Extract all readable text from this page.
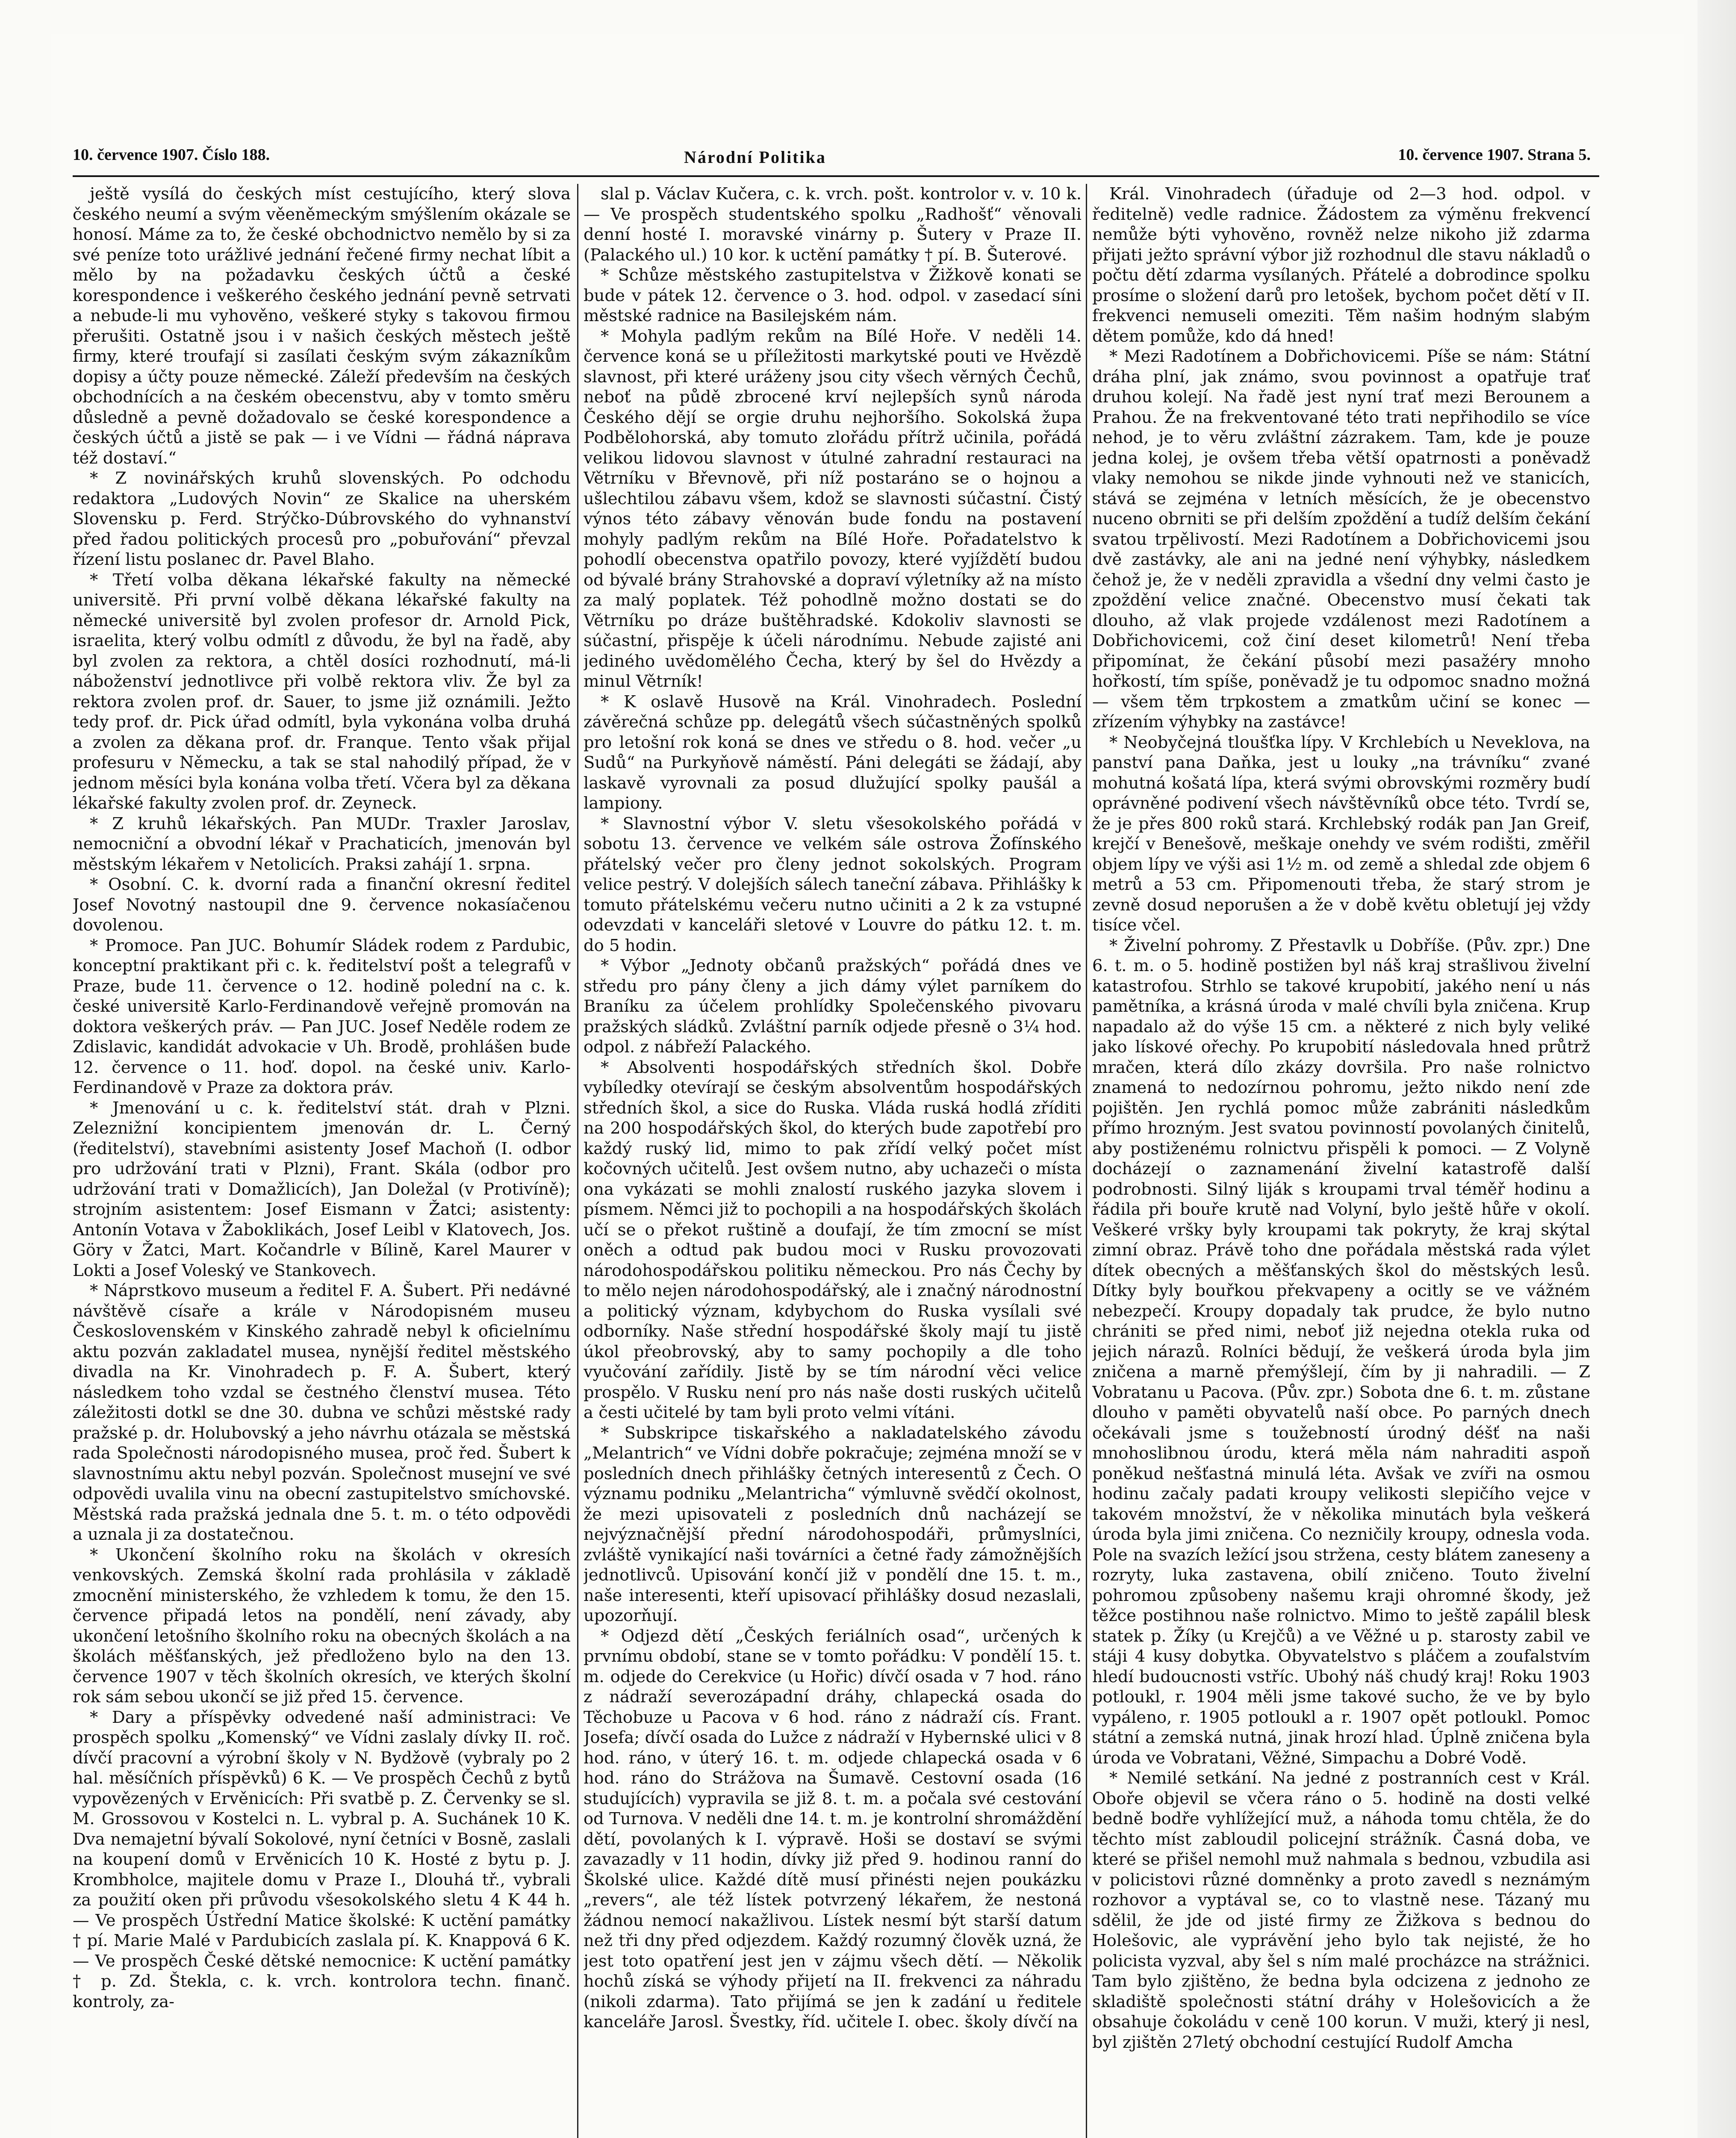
10. července 1907. Číslo 188.	Národní Politika	10. července 1907. Strana 5.

ještě vysílá do českých míst cestujícího, který slova českého neumí a svým věeněmeckým smýšlením okázale se honosí. Máme za to, že české obchodnictvo nemělo by si za své peníze toto urážlivé jednání řečené firmy nechat líbit a mělo by na požadavku českých účtů a české korespondence i veškerého českého jednání pevně setrvati a nebude-li mu vyhověno, veškeré styky s takovou firmou přerušiti. Ostatně jsou i v našich českých městech ještě firmy, které troufají si zasílati českým svým zákazníkům dopisy a účty pouze německé. Záleží především na českých obchodnících a na českém obecenstvu, aby v tomto směru důsledně a pevně dožadovalo se české korespondence a českých účtů a jistě se pak — i ve Vídni — řádná náprava též dostaví.“

* Z novinářských kruhů slovenských. Po odchodu redaktora „Ludových Novin“ ze Skalice na uherském Slovensku p. Ferd. Strýčko-Dúbrovského do vyhnanství před řadou politických procesů pro „pobuřování“ převzal řízení listu poslanec dr. Pavel Blaho.

* Třetí volba děkana lékařské fakulty na německé universitě. Při první volbě děkana lékařské fakulty na německé universitě byl zvolen profesor dr. Arnold Pick, israelita, který volbu odmítl z důvodu, že byl na řadě, aby byl zvolen za rektora, a chtěl dosíci rozhodnutí, má-li náboženství jednotlivce při volbě rektora vliv. Že byl za rektora zvolen prof. dr. Sauer, to jsme již oznámili. Ježto tedy prof. dr. Pick úřad odmítl, byla vykonána volba druhá a zvolen za děkana prof. dr. Franque. Tento však přijal profesuru v Německu, a tak se stal nahodilý případ, že v jednom měsíci byla konána volba třetí. Včera byl za děkana lékařské fakulty zvolen prof. dr. Zeyneck.

* Z kruhů lékařských. Pan MUDr. Traxler Jaroslav, nemocniční a obvodní lékař v Prachaticích, jmenován byl městským lékařem v Netolicích. Praksi zahájí 1. srpna.

* Osobní. C. k. dvorní rada a finanční okresní ředitel Josef Novotný nastoupil dne 9. července nokasíačenou dovolenou.

* Promoce. Pan JUC. Bohumír Sládek rodem z Pardubic, konceptní praktikant při c. k. ředitelství pošt a telegrafů v Praze, bude 11. července o 12. hodině polední na c. k. české universitě Karlo-Ferdinandově veřejně promován na doktora veškerých práv. — Pan JUC. Josef Neděle rodem ze Zdislavic, kandidát advokacie v Uh. Brodě, prohlášen bude 12. července o 11. hoď. dopol. na české univ. Karlo-Ferdinandově v Praze za doktora práv.

* Jmenování u c. k. ředitelství stát. drah v Plzni. Zeleznižní koncipientem jmenován dr. L. Černý (ředitelství), stavebními asistenty Josef Machoň (I. odbor pro udržování trati v Plzni), Frant. Skála (odbor pro udržování trati v Domažlicích), Jan Doležal (v Protivíně); strojním asistentem: Josef Eismann v Žatci; asistenty: Antonín Votava v Žaboklikách, Josef Leibl v Klatovech, Jos. Göry v Žatci, Mart. Kočandrle v Bílině, Karel Maurer v Lokti a Josef Voleský ve Stankovech.

* Náprstkovo museum a ředitel F. A. Šubert. Při nedávné návštěvě císaře a krále v Národopisném museu Československém v Kinského zahradě nebyl k oficielnímu aktu pozván zakladatel musea, nynější ředitel městského divadla na Kr. Vinohradech p. F. A. Šubert, který následkem toho vzdal se čestného členství musea. Této záležitosti dotkl se dne 30. dubna ve schůzi městské rady pražské p. dr. Holubovský a jeho návrhu otázala se městská rada Společnosti národopisného musea, proč řed. Šubert k slavnostnímu aktu nebyl pozván. Společnost musejní ve své odpovědi uvalila vinu na obecní zastupitelstvo smíchovské. Městská rada pražská jednala dne 5. t. m. o této odpovědi a uznala ji za dostatečnou.

* Ukončení školního roku na školách v okresích venkovských. Zemská školní rada prohlásila v základě zmocnění ministerského, že vzhledem k tomu, že den 15. července připadá letos na pondělí, není závady, aby ukončení letošního školního roku na obecných školách a na školách měšťanských, jež předloženo bylo na den 13. července 1907 v těch školních okresích, ve kterých školní rok sám sebou ukončí se již před 15. července.

* Dary a příspěvky odvedené naší administraci: Ve prospěch spolku „Komenský“ ve Vídni zaslaly dívky II. roč. dívčí pracovní a výrobní školy v N. Bydžově (vybraly po 2 hal. měsíčních příspěvků) 6 K. — Ve prospěch Čechů z bytů vypovězených v Ervěnicích: Při svatbě p. Z. Červenky se sl. M. Grossovou v Kostelci n. L. vybral p. A. Suchánek 10 K. Dva nemajetní bývalí Sokolové, nyní četníci v Bosně, zaslali na koupení domů v Ervěnicích 10 K. Hosté z bytu p. J. Krombholce, majitele domu v Praze I., Dlouhá tř., vybrali za použití oken při průvodu všesokolského sletu 4 K 44 h. — Ve prospěch Ústřední Matice školské: K uctění památky † pí. Marie Malé v Pardubicích zaslala pí. K. Knappová 6 K. — Ve prospěch České dětské nemocnice: K uctění památky † p. Zd. Štekla, c. k. vrch. kontrolora techn. finanč. kontroly, za-

slal p. Václav Kučera, c. k. vrch. pošt. kontrolor v. v. 10 k. — Ve prospěch studentského spolku „Radhošť“ věnovali denní hosté I. moravské vinárny p. Šutery v Praze II. (Palackého ul.) 10 kor. k uctění památky † pí. B. Šuterové.

* Schůze městského zastupitelstva v Žižkově konati se bude v pátek 12. července o 3. hod. odpol. v zasedací síni městské radnice na Basilejském nám.

* Mohyla padlým rekům na Bílé Hoře. V neděli 14. července koná se u příležitosti markytské pouti ve Hvězdě slavnost, při které uráženy jsou city všech věrných Čechů, neboť na půdě zbrocené krví nejlepších synů národa Českého dějí se orgie druhu nejhoršího. Sokolská župa Podbělohorská, aby tomuto zlořádu přítrž učinila, pořádá velikou lidovou slavnost v útulné zahradní restauraci na Větrníku v Břevnově, při níž postaráno se o hojnou a ušlechtilou zábavu všem, kdož se slavnosti súčastní. Čistý výnos této zábavy věnován bude fondu na postavení mohyly padlým rekům na Bílé Hoře. Pořadatelstvo k pohodlí obecenstva opatřilo povozy, které vyjíždětí budou od bývalé brány Strahovské a dopraví výletníky až na místo za malý poplatek. Též pohodlně možno dostati se do Větrníku po dráze buštěhradské. Kdokoliv slavnosti se súčastní, přispěje k účeli národnímu. Nebude zajisté ani jediného uvědomělého Čecha, který by šel do Hvězdy a minul Větrník!

* K oslavě Husově na Král. Vinohradech. Poslední závěrečná schůze pp. delegátů všech súčastněných spolků pro letošní rok koná se dnes ve středu o 8. hod. večer „u Sudů“ na Purkyňově náměstí. Páni delegáti se žádají, aby laskavě vyrovnali za posud dlužující spolky paušál a lampiony.

* Slavnostní výbor V. sletu všesokolského pořádá v sobotu 13. července ve velkém sále ostrova Žofínského přátelský večer pro členy jednot sokolských. Program velice pestrý. V dolejších sálech taneční zábava. Přihlášky k tomuto přátelskému večeru nutno učiniti a 2 k za vstupné odevzdati v kanceláři sletové v Louvre do pátku 12. t. m. do 5 hodin.

* Výbor „Jednoty občanů pražských“ pořádá dnes ve středu pro pány členy a jich dámy výlet parníkem do Braníku za účelem prohlídky Společenského pivovaru pražských sládků. Zvláštní parník odjede přesně o 3¼ hod. odpol. z nábřeží Palackého.

* Absolventi hospodářských středních škol. Dobře vybíledky otevírají se českým absolventům hospodářských středních škol, a sice do Ruska. Vláda ruská hodlá zříditi na 200 hospodářských škol, do kterých bude zapotřebí pro každý ruský lid, mimo to pak zřídí velký počet míst kočovných učitelů. Jest ovšem nutno, aby uchazeči o místa ona vykázati se mohli znalostí ruského jazyka slovem i písmem. Němci již to pochopili a na hospodářských školách učí se o překot ruštině a doufají, že tím zmocní se míst oněch a odtud pak budou moci v Rusku provozovati národohospodářskou politiku německou. Pro nás Čechy by to mělo nejen národohospodářský, ale i značný národnostní a politický význam, kdybychom do Ruska vysílali své odborníky. Naše střední hospodářské školy mají tu jistě úkol přeobrovský, aby to samy pochopily a dle toho vyučování zařídily. Jistě by se tím národní věci velice prospělo. V Rusku není pro nás naše dosti ruských učitelů a česti učitelé by tam byli proto velmi vítáni.

* Subskripce tiskařského a nakladatelského závodu „Melantrich“ ve Vídni dobře pokračuje; zejména množí se v posledních dnech přihlášky četných interesentů z Čech. O významu podniku „Melantricha“ výmluvně svědčí okolnost, že mezi upisovateli z posledních dnů nacházejí se nejvýznačnější přední národohospodáři, průmyslníci, zvláště vynikající naši továrníci a četné řady zámožnějších jednotlivců. Upisování končí již v pondělí dne 15. t. m., naše interesenti, kteří upisovací přihlášky dosud nezaslali, upozorňují.

* Odjezd dětí „Českých feriálních osad“, určených k prvnímu období, stane se v tomto pořádku: V pondělí 15. t. m. odjede do Cerekvice (u Hořic) dívčí osada v 7 hod. ráno z nádraží severozápadní dráhy, chlapecká osada do Těchobuze u Pacova v 6 hod. ráno z nádraží cís. Frant. Josefa; dívčí osada do Lužce z nádraží v Hybernské ulici v 8 hod. ráno, v úterý 16. t. m. odjede chlapecká osada v 6 hod. ráno do Strážova na Šumavě. Cestovní osada (16 studujících) vypravila se již 8. t. m. a počala své cestování od Turnova. V neděli dne 14. t. m. je kontrolní shromáždění dětí, povolaných k I. výpravě. Hoši se dostaví se svými zavazadly v 11 hodin, dívky již před 9. hodinou ranní do Školské ulice. Každé dítě musí přinésti nejen poukázku „revers“, ale též lístek potvrzený lékařem, že nestoná žádnou nemocí nakažlivou. Lístek nesmí být starší datum než tři dny před odjezdem. Každý rozumný člověk uzná, že jest toto opatření jest jen v zájmu všech dětí. — Několik hochů získá se výhody přijetí na II. frekvenci za náhradu (nikoli zdarma). Tato přijímá se jen k zadání u ředitele kanceláře Jarosl. Švestky, říd. učitele I. obec. školy dívčí na

Král. Vinohradech (úřaduje od 2—3 hod. odpol. v ředitelně) vedle radnice. Žádostem za výměnu frekvencí nemůže býti vyhověno, rovněž nelze nikoho již zdarma přijati ježto správní výbor již rozhodnul dle stavu nákladů o počtu dětí zdarma vysílaných. Přátelé a dobrodince spolku prosíme o složení darů pro letošek, bychom počet dětí v II. frekvenci nemuseli omeziti. Těm našim hodným slabým dětem pomůže, kdo dá hned!

* Mezi Radotínem a Dobřichovicemi. Píše se nám: Státní dráha plní, jak známo, svou povinnost a opatřuje trať druhou kolejí. Na řadě jest nyní trať mezi Berounem a Prahou. Že na frekventované této trati nepřihodilo se více nehod, je to věru zvláštní zázrakem. Tam, kde je pouze jedna kolej, je ovšem třeba větší opatrnosti a poněvadž vlaky nemohou se nikde jinde vyhnouti než ve stanicích, stává se zejména v letních měsících, že je obecenstvo nuceno obrniti se při delším zpoždění a tudíž delším čekání svatou trpělivostí. Mezi Radotínem a Dobřichovicemi jsou dvě zastávky, ale ani na jedné není výhybky, následkem čehož je, že v neděli zpravidla a všední dny velmi často je zpoždění velice značné. Obecenstvo musí čekati tak dlouho, až vlak projede vzdálenost mezi Radotínem a Dobřichovicemi, což činí deset kilometrů! Není třeba připomínat, že čekání působí mezi pasažéry mnoho hořkostí, tím spíše, poněvadž je tu odpomoc snadno možná — všem těm trpkostem a zmatkům učiní se konec — zřízením výhybky na zastávce!

* Neobyčejná tloušťka lípy. V Krchlebích u Neveklova, na panství pana Daňka, jest u louky „na trávníku“ zvané mohutná košatá lípa, která svými obrovskými rozměry budí oprávněné podivení všech návštěvníků obce této. Tvrdí se, že je přes 800 roků stará. Krchlebský rodák pan Jan Greif, krejčí v Benešově, meškaje onehdy ve svém rodišti, změřil objem lípy ve výši asi 1½ m. od země a shledal zde objem 6 metrů a 53 cm. Připomenouti třeba, že starý strom je zevně dosud neporušen a že v době květu obletují jej vždy tisíce včel.

* Živelní pohromy. Z Přestavlk u Dobříše. (Pův. zpr.) Dne 6. t. m. o 5. hodině postižen byl náš kraj strašlivou živelní katastrofou. Strhlo se takové krupobití, jakého není u nás pamětníka, a krásná úroda v malé chvíli byla zničena. Krup napadalo až do výše 15 cm. a některé z nich byly veliké jako lískové ořechy. Po krupobití následovala hned průtrž mračen, která dílo zkázy dovršila. Pro naše rolnictvo znamená to nedozírnou pohromu, ježto nikdo není zde pojištěn. Jen rychlá pomoc může zabrániti následkům přímo hrozným. Jest svatou povinností povolaných činitelů, aby postiženému rolnictvu přispěli k pomoci. — Z Volyně docházejí o zaznamenání živelní katastrofě další podrobnosti. Silný liják s kroupami trval téměř hodinu a řádila při bouře krutě nad Volyní, bylo ještě hůře v okolí. Veškeré vršky byly kroupami tak pokryty, že kraj skýtal zimní obraz. Právě toho dne pořádala městská rada výlet dítek obecných a měšťanských škol do městských lesů. Dítky byly bouřkou překvapeny a ocitly se ve vážném nebezpečí. Kroupy dopadaly tak prudce, že bylo nutno chrániti se před nimi, neboť již nejedna otekla ruka od jejich nárazů. Rolníci bědují, že veškerá úroda byla jim zničena a marně přemýšlejí, čím by ji nahradili. — Z Vobratanu u Pacova. (Pův. zpr.) Sobota dne 6. t. m. zůstane dlouho v paměti obyvatelů naší obce. Po parných dnech očekávali jsme s toužebností úrodný déšť na naši mnohoslibnou úrodu, která měla nám nahraditi aspoň poněkud nešťastná minulá léta. Avšak ve zvíři na osmou hodinu začaly padati kroupy velikosti slepičího vejce v takovém množství, že v několika minutách byla veškerá úroda byla jimi zničena. Co nezničily kroupy, odnesla voda. Pole na svazích ležící jsou stržena, cesty blátem zaneseny a rozryty, luka zastavena, obilí zničeno. Touto živelní pohromou způsobeny našemu kraji ohromné škody, jež těžce postihnou naše rolnictvo. Mimo to ještě zapálil blesk statek p. Žíky (u Krejčů) a ve Věžné u p. starosty zabil ve stáji 4 kusy dobytka. Obyvatelstvo s pláčem a zoufalstvím hledí budoucnosti vstříc. Ubohý náš chudý kraj! Roku 1903 potloukl, r. 1904 měli jsme takové sucho, že ve by bylo vypáleno, r. 1905 potloukl a r. 1907 opět potloukl. Pomoc státní a zemská nutná, jinak hrozí hlad. Úplně zničena byla úroda ve Vobratani, Věžné, Simpachu a Dobré Vodě.

* Nemilé setkání. Na jedné z postranních cest v Král. Oboře objevil se včera ráno o 5. hodině na dosti velké bedně bodře vyhlížející muž, a náhoda tomu chtěla, že do těchto míst zabloudil policejní strážník. Časná doba, ve které se přišel nemohl muž nahmala s bednou, vzbudila asi v policistovi různé domněnky a proto zavedl s neznámým rozhovor a vyptával se, co to vlastně nese. Tázaný mu sdělil, že jde od jisté firmy ze Žižkova s bednou do Holešovic, ale vyprávění jeho bylo tak nejisté, že ho policista vyzval, aby šel s ním malé procházce na strážnici. Tam bylo zjištěno, že bedna byla odcizena z jednoho ze skladiště společnosti státní dráhy v Holešovicích a že obsahuje čokoládu v ceně 100 korun. V muži, který ji nesl, byl zjištěn 27letý obchodní cestující Rudolf Amcha
